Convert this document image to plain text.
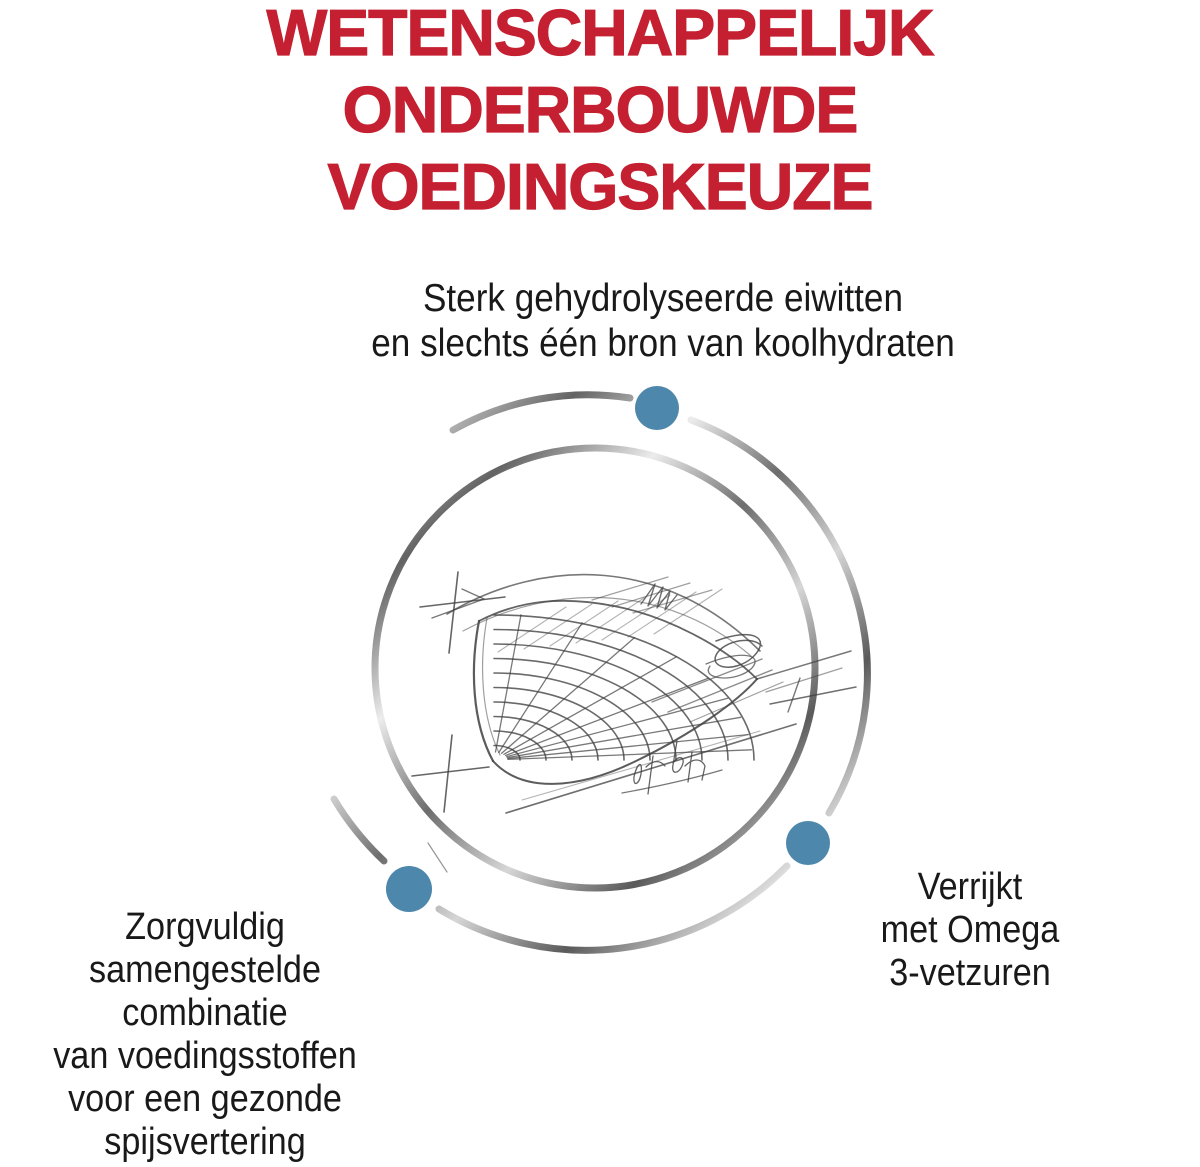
WETENSCHAPPELIJK ONDERBOUWDE
VOEDINGSKEUZE
Sterk gehydrolyseerde eiwitten
en slechts één bron van koolhydraten
Zorgvuldig
samengestelde
combinatie
van voedingsstoffen
voor een gezonde
spijsvertering
Verrijkt
met Omega
3-vetzuren
